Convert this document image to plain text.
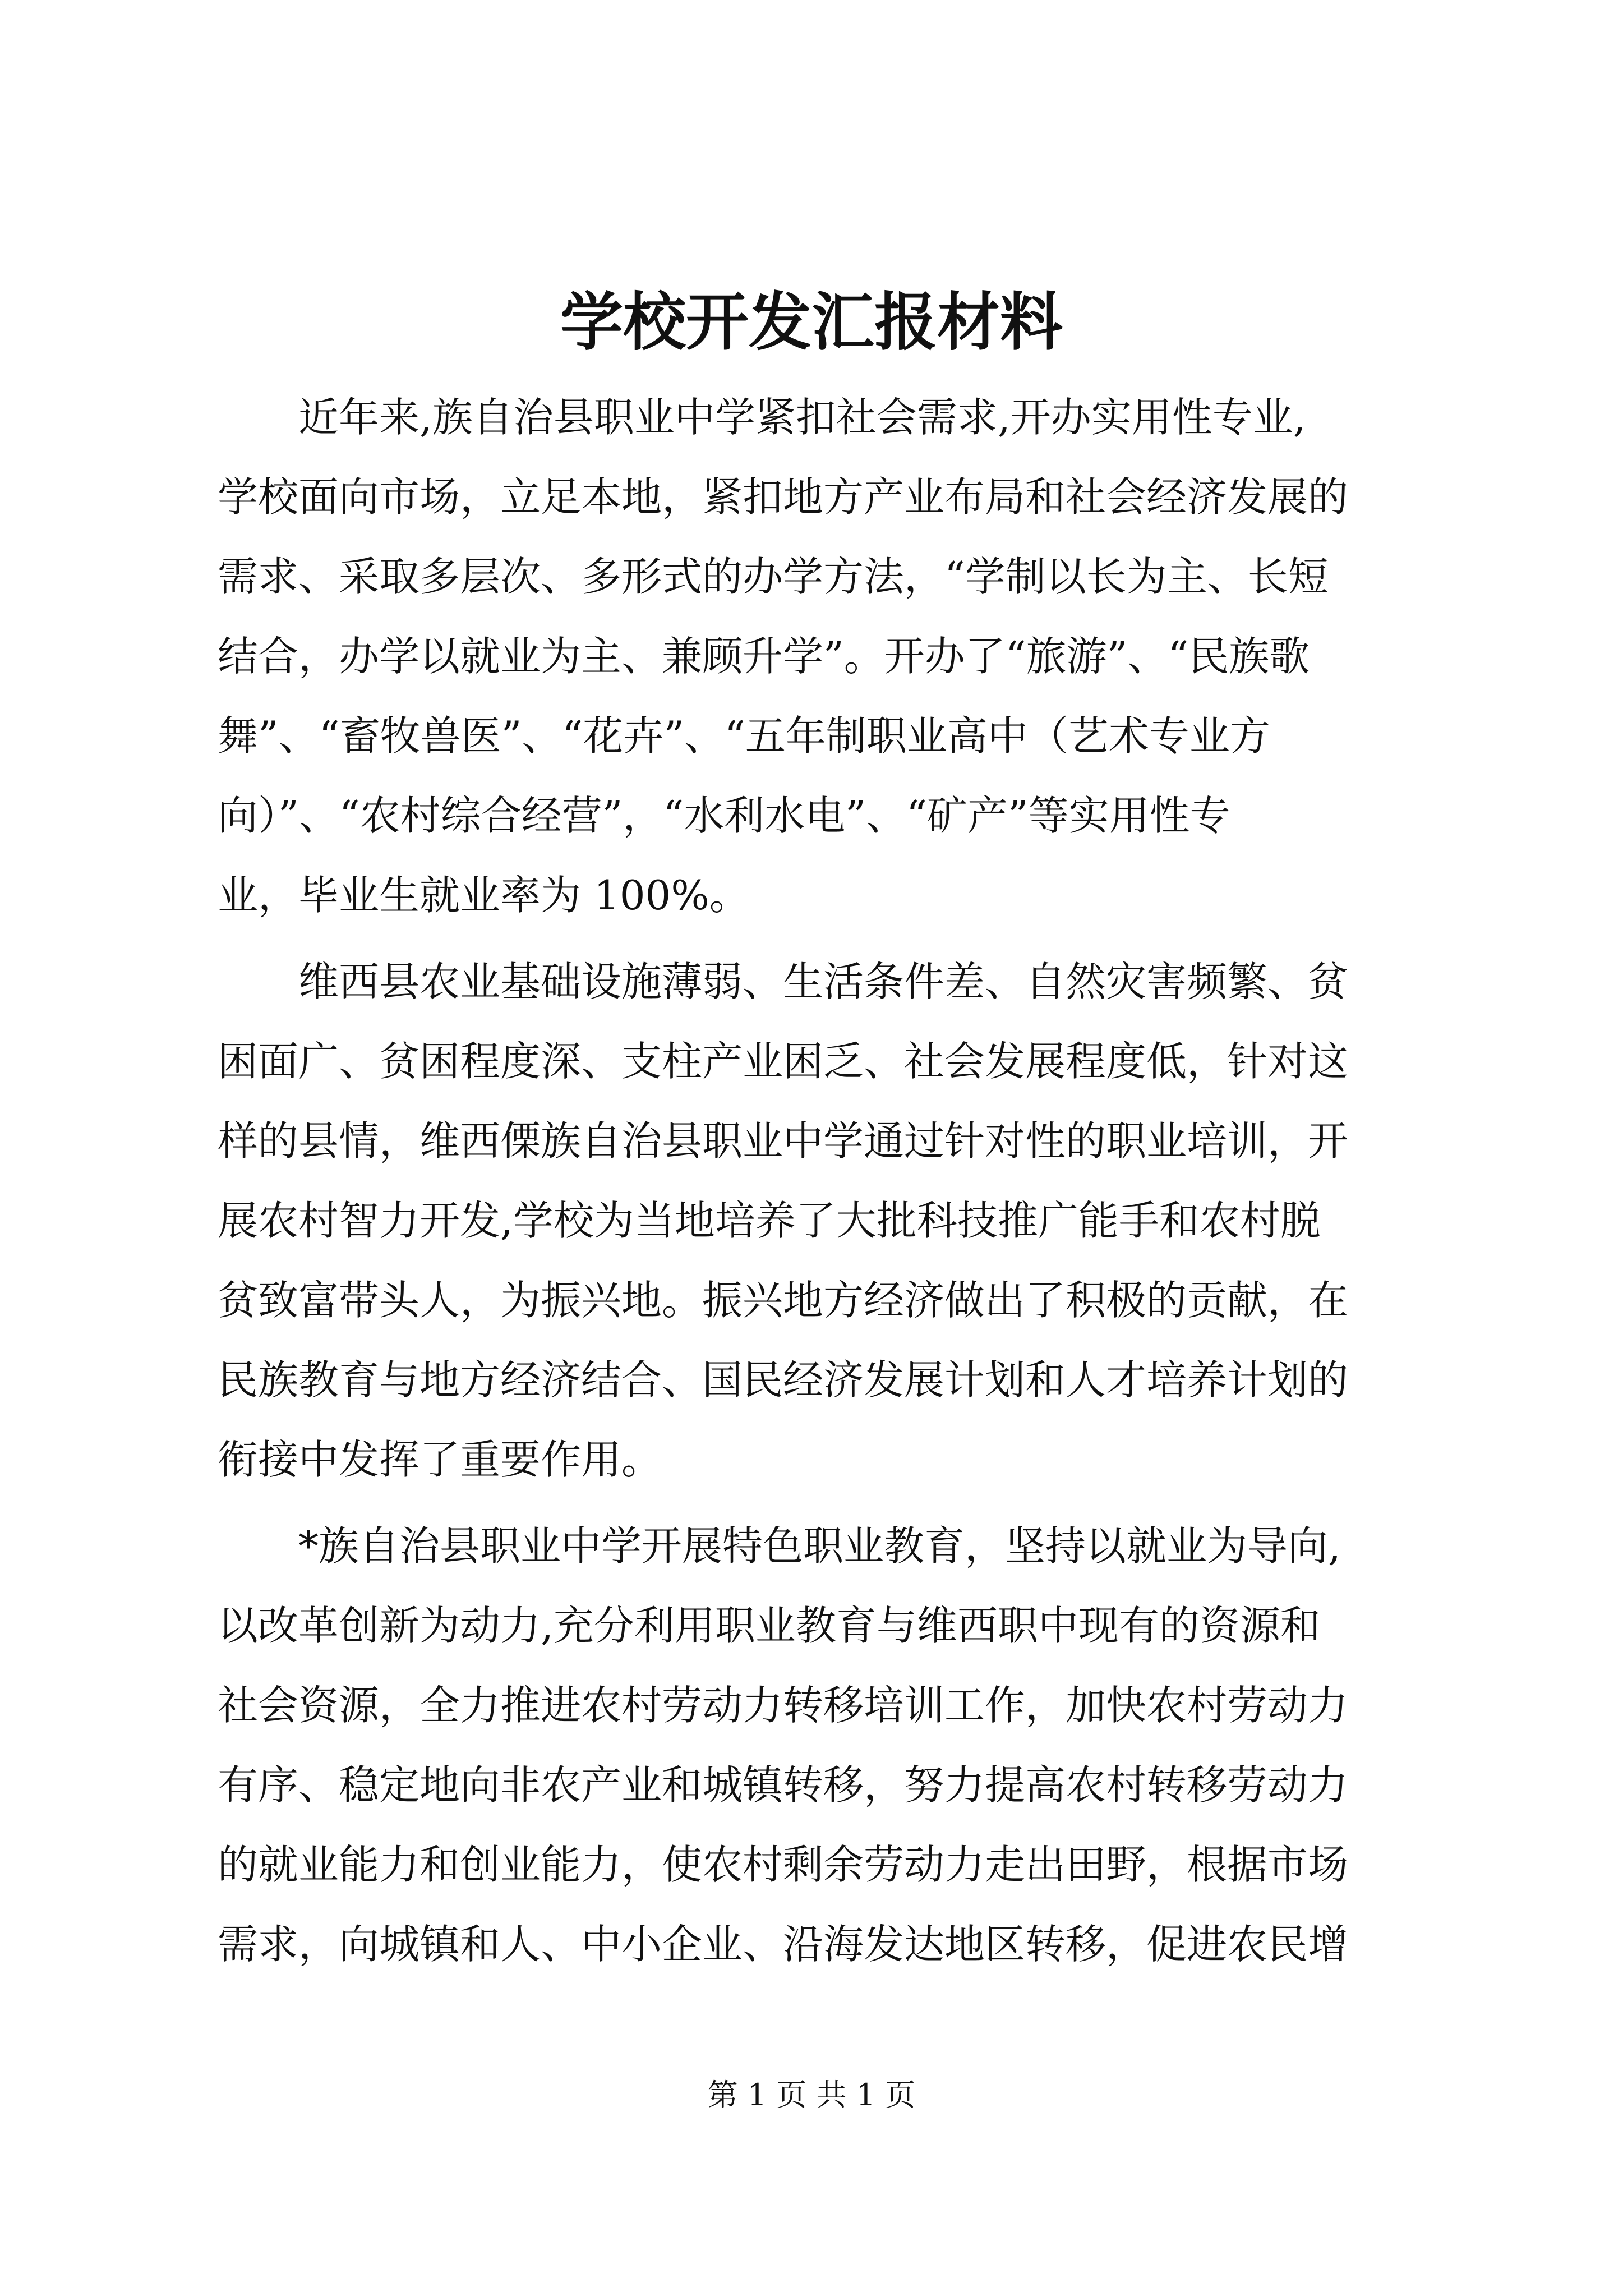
学校开发汇报材料
近年来,族自治县职业中学紧扣社会需求,开办实用性专业,
学校面向市场，立足本地，紧扣地方产业布局和社会经济发展的
需求、采取多层次、多形式的办学方法，“学制以长为主、长短
结合，办学以就业为主、兼顾升学”。开办了“旅游”、“民族歌
舞”、“畜牧兽医”、“花卉”、“五年制职业高中（艺术专业方
向）”、“农村综合经营”，“水利水电”、“矿产”等实用性专
业，毕业生就业率为 100%。
维西县农业基础设施薄弱、生活条件差、自然灾害频繁、贫
困面广、贫困程度深、支柱产业困乏、社会发展程度低，针对这
样的县情，维西傈族自治县职业中学通过针对性的职业培训，开
展农村智力开发,学校为当地培养了大批科技推广能手和农村脱
贫致富带头人，为振兴地。振兴地方经济做出了积极的贡献，在
民族教育与地方经济结合、国民经济发展计划和人才培养计划的
衔接中发挥了重要作用。
*族自治县职业中学开展特色职业教育，坚持以就业为导向,
以改革创新为动力,充分利用职业教育与维西职中现有的资源和
社会资源，全力推进农村劳动力转移培训工作，加快农村劳动力
有序、稳定地向非农产业和城镇转移，努力提高农村转移劳动力
的就业能力和创业能力，使农村剩余劳动力走出田野，根据市场
需求，向城镇和人、中小企业、沿海发达地区转移，促进农民增
第 1 页 共 1 页
